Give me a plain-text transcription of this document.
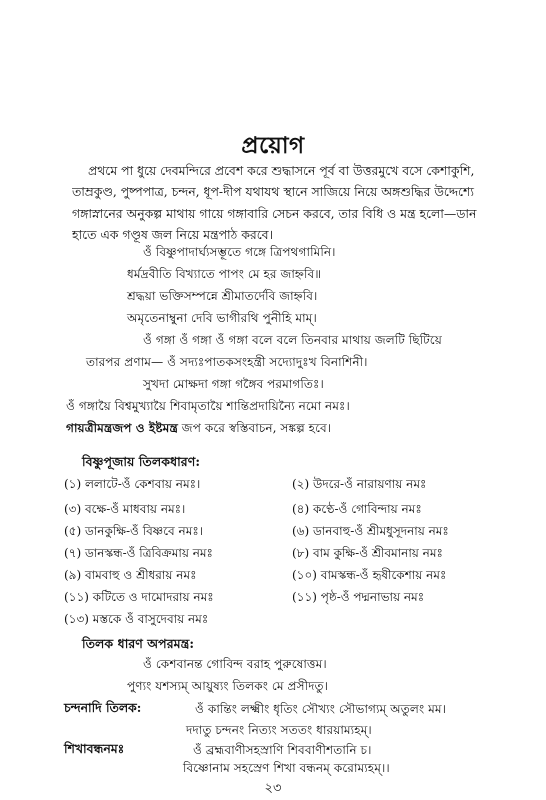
প্রয়োগ
প্রথমে পা ধুয়ে দেবমন্দিরে প্রবেশ করে শুদ্ধাসনে পূর্ব বা উত্তরমুখে বসে কেশাকুশি,
তাম্রকুণ্ড, পুষ্পপাত্র, চন্দন, ধূপ-দীপ যথাযথ স্থানে সাজিয়ে নিয়ে অঙ্গশুদ্ধির উদ্দেশ্যে
গঙ্গাস্নানের অনুকল্প মাথায় গায়ে গঙ্গাবারি সেচন করবে, তার বিধি ও মন্ত্র হলো—ডান
হাতে এক গণ্ডূষ জল নিয়ে মন্ত্রপাঠ করবে।
ওঁ বিষ্ণুপাদার্ঘ্যসম্ভূতে গঙ্গে ত্রিপথগামিনি।
ধর্মদ্রবীতি বিখ্যাতে পাপং মে হর জাহ্নবি॥
শ্রদ্ধয়া ভক্তিসম্পন্নে শ্রীমাতর্দেবি জাহ্নবি।
অমৃতেনাম্বুনা দেবি ভাগীরথি পুনীহি মাম্।
ওঁ গঙ্গা ওঁ গঙ্গা ওঁ গঙ্গা বলে বলে তিনবার মাথায় জলটি ছিটিয়ে
তারপর প্রণাম— ওঁ সদ্যঃপাতকসংহন্ত্রী সদ্যোদুঃখ বিনাশিনী।
সুখদা মোক্ষদা গঙ্গা গঙ্গৈব পরমাগতিঃ।
ওঁ গঙ্গায়ৈ বিশ্বমুখ্যায়ৈ শিবামৃতায়ৈ শান্তিপ্রদায়িন্যৈ নমো নমঃ।
গায়ত্রীমন্ত্রজপ ও ইষ্টমন্ত্র জপ করে স্বস্তিবাচন, সঙ্কল্প হবে।
বিষ্ণুপূজায় তিলকধারণ:
(১) ললাটে-ওঁ কেশবায় নমঃ।
(৩) বক্ষে-ওঁ মাধবায় নমঃ।
(৫) ডানকুক্ষি-ওঁ বিষ্ণবে নমঃ।
(৭) ডানস্কন্ধ-ওঁ ত্রিবিক্রমায় নমঃ
(৯) বামবাহু ও শ্রীধরায় নমঃ
(১১) কটিতে ও দামোদরায় নমঃ
(১৩) মস্তকে ওঁ বাসুদেবায় নমঃ
(২) উদরে-ওঁ নারায়ণায় নমঃ
(৪) কণ্ঠে-ওঁ গোবিন্দায় নমঃ
(৬) ডানবাহু-ওঁ শ্রীমধুসূদনায় নমঃ
(৮) বাম কুক্ষি-ওঁ শ্রীবমানায় নমঃ
(১০) বামস্কন্ধ-ওঁ হৃষীকেশায় নমঃ
(১১) পৃষ্ঠ-ওঁ পদ্মনাভায় নমঃ
তিলক ধারণ অপরমন্ত্র:
ওঁ কেশবানন্ত গোবিন্দ বরাহ পুরুষোত্তম।
পুণ্যং যশস্যম্ আয়ুষ্যং তিলকং মে প্রসীদতু।
চন্দনাদি তিলক:	ওঁ কান্তিং লক্ষ্মীং ধৃতিং সৌখ্যং সৌভাগ্যম্ অতুলং মম।
দদাতু চন্দনং নিত্যং সততং ধারয়াম্যহম্।
শিখাবন্ধনমঃ	ওঁ ব্রহ্মবাণীসহস্রাণি শিববাণীশতানি চ।
বিষ্ণোনাম সহস্রেণ শিখা বন্ধনম্ করোম্যহম্।।
২৩
